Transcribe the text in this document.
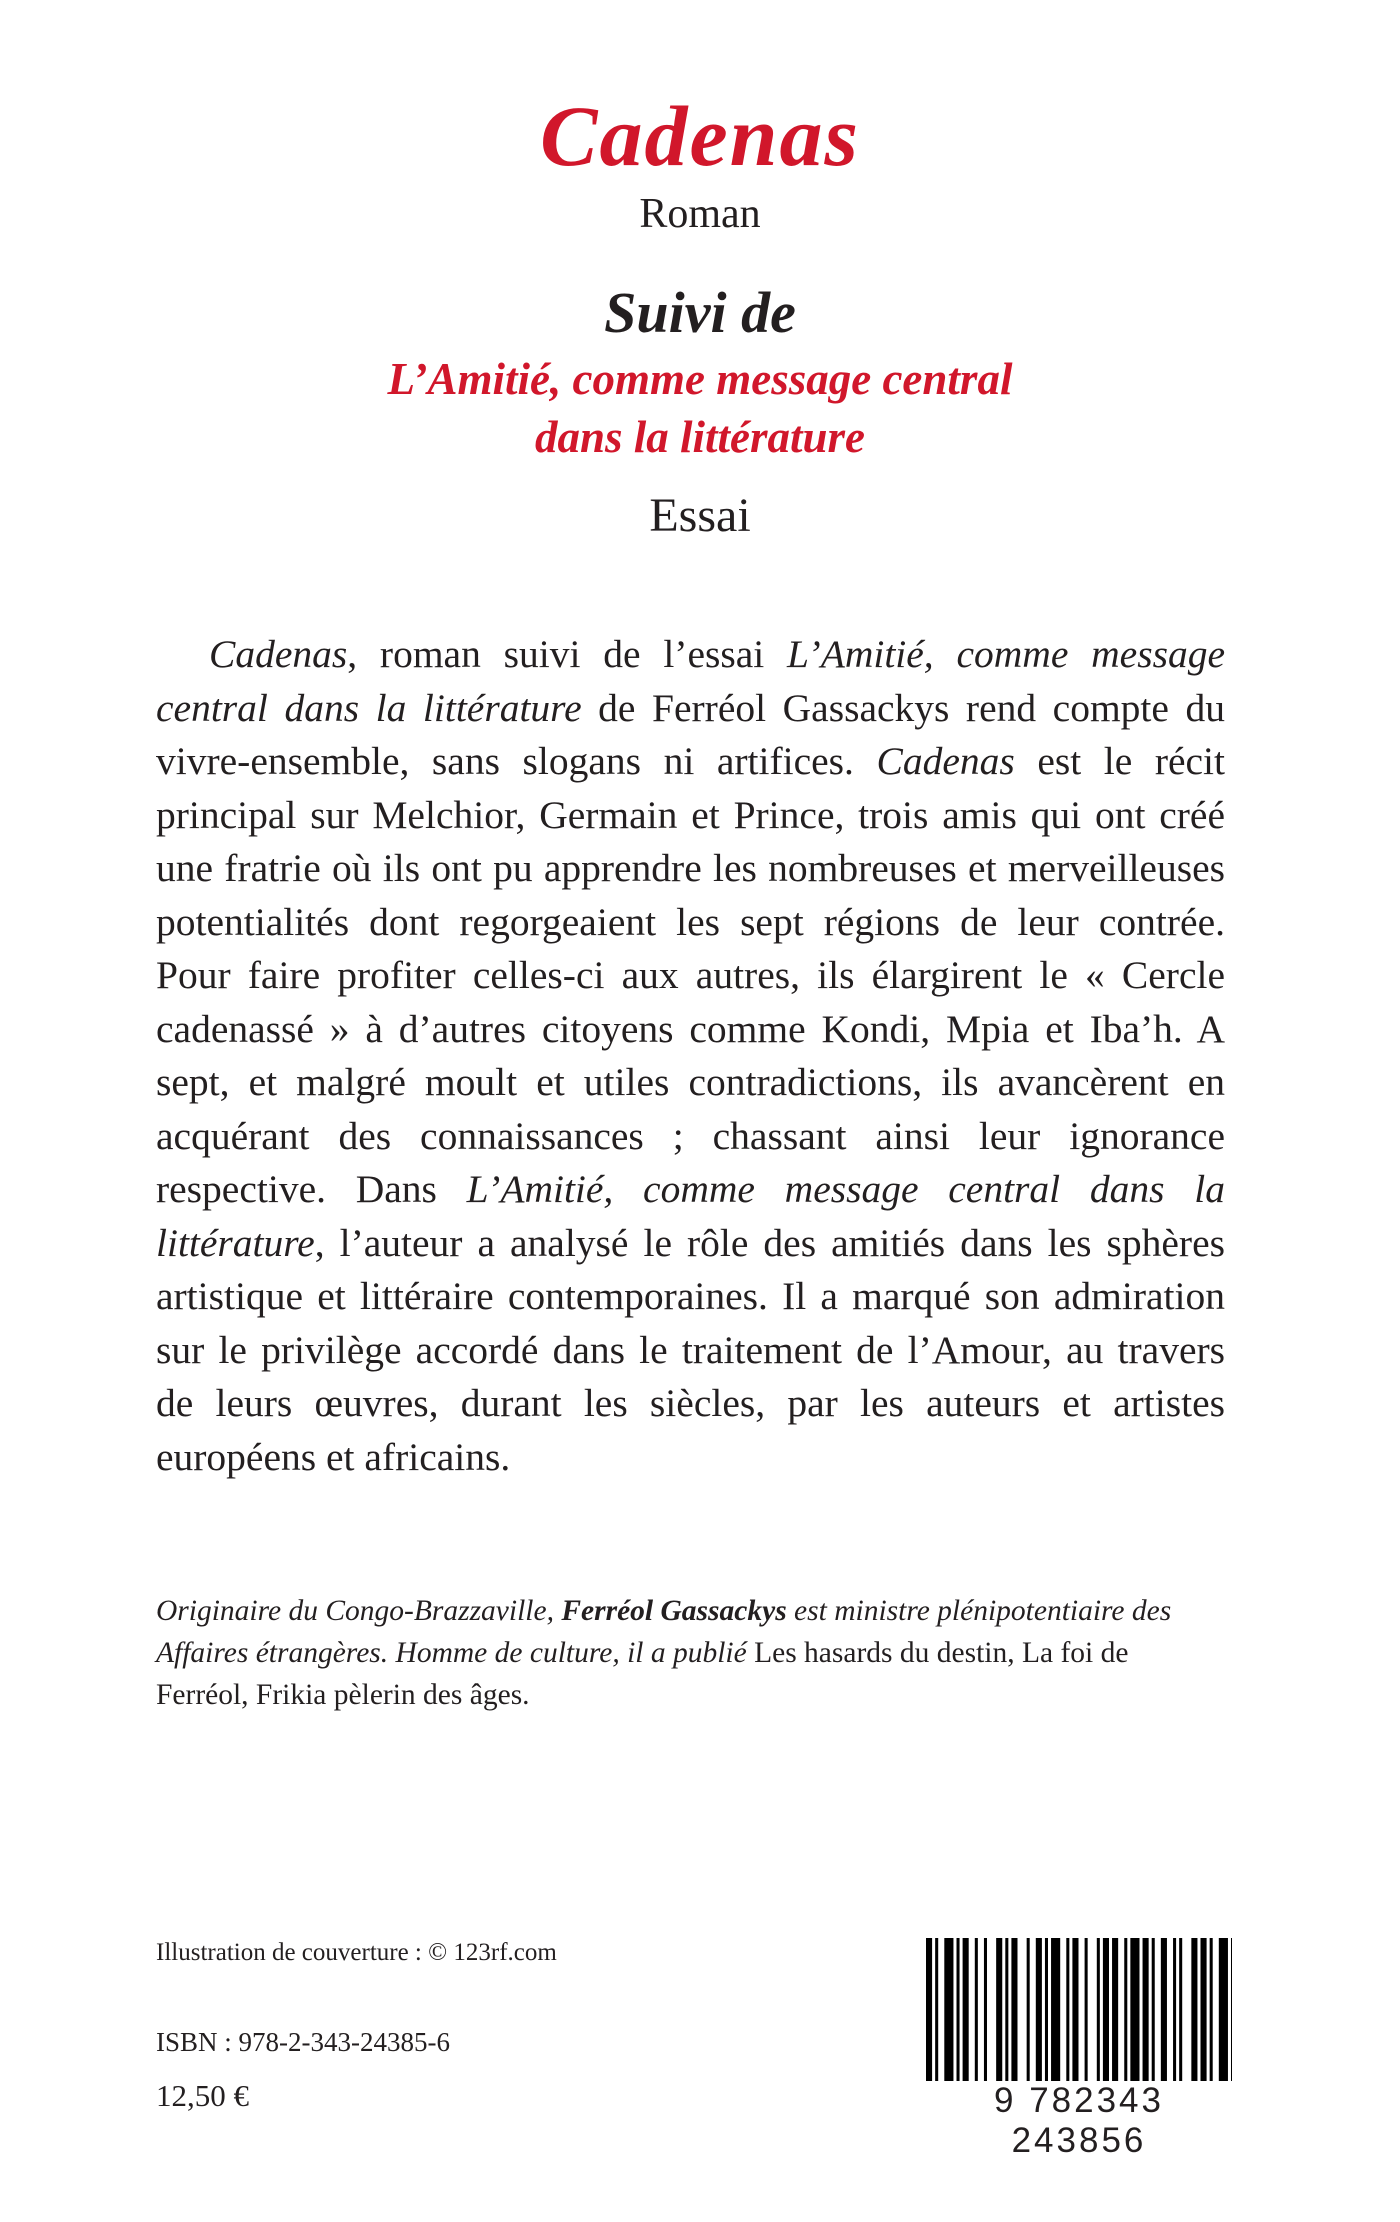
Cadenas
Roman
Suivi de
L’Amitié, comme message central
dans la littérature
Essai

Cadenas, roman suivi de l’essai L’Amitié, comme message central dans la littérature de Ferréol Gassackys rend compte du vivre-ensemble, sans slogans ni artifices. Cadenas est le récit principal sur Melchior, Germain et Prince, trois amis qui ont créé une fratrie où ils ont pu apprendre les nombreuses et merveilleuses potentialités dont regorgeaient les sept régions de leur contrée. Pour faire profiter celles-ci aux autres, ils élargirent le « Cercle cadenassé » à d’autres citoyens comme Kondi, Mpia et Iba’h. A sept, et malgré moult et utiles contradictions, ils avancèrent en acquérant des connaissances ; chassant ainsi leur ignorance respective. Dans L’Amitié, comme message central dans la littérature, l’auteur a analysé le rôle des amitiés dans les sphères artistique et littéraire contemporaines. Il a marqué son admiration sur le privilège accordé dans le traitement de l’Amour, au travers de leurs œuvres, durant les siècles, par les auteurs et artistes européens et africains.

Originaire du Congo-Brazzaville, Ferréol Gassackys est ministre plénipotentiaire des Affaires étrangères. Homme de culture, il a publié Les hasards du destin, La foi de Ferréol, Frikia pèlerin des âges.

Illustration de couverture : © 123rf.com
ISBN : 978-2-343-24385-6
12,50 €	9 782343 243856
